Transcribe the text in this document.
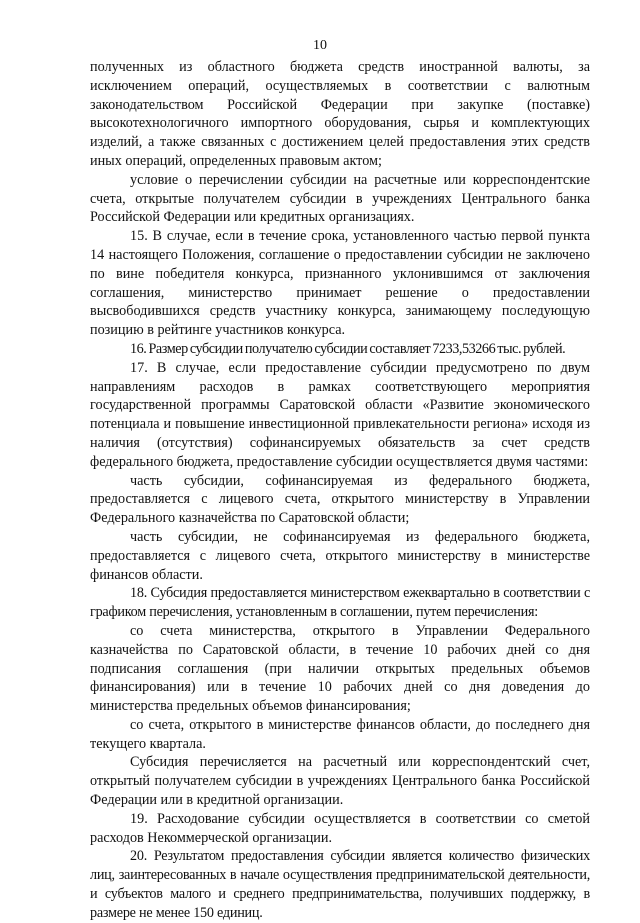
10

полученных из областного бюджета средств иностранной валюты, за исключением операций, осуществляемых в соответствии с валютным законодательством Российской Федерации при закупке (поставке) высокотехнологичного импортного оборудования, сырья и комплектующих изделий, а также связанных с достижением целей предоставления этих средств иных операций, определенных правовым актом;

условие о перечислении субсидии на расчетные или корреспондентские счета, открытые получателем субсидии в учреждениях Центрального банка Российской Федерации или кредитных организациях.

15. В случае, если в течение срока, установленного частью первой пункта 14 настоящего Положения, соглашение о предоставлении субсидии не заключено по вине победителя конкурса, признанного уклонившимся от заключения соглашения, министерство принимает решение о предоставлении высвободившихся средств участнику конкурса, занимающему последующую позицию в рейтинге участников конкурса.

16. Размер субсидии получателю субсидии составляет 7233,53266 тыс. рублей.

17. В случае, если предоставление субсидии предусмотрено по двум направлениям расходов в рамках соответствующего мероприятия государственной программы Саратовской области «Развитие экономического потенциала и повышение инвестиционной привлекательности региона» исходя из наличия (отсутствия) софинансируемых обязательств за счет средств федерального бюджета, предоставление субсидии осуществляется двумя частями:

часть субсидии, софинансируемая из федерального бюджета, предоставляется с лицевого счета, открытого министерству в Управлении Федерального казначейства по Саратовской области;

часть субсидии, не софинансируемая из федерального бюджета, предоставляется с лицевого счета, открытого министерству в министерстве финансов области.

18. Субсидия предоставляется министерством ежеквартально в соответствии с графиком перечисления, установленным в соглашении, путем перечисления:

со счета министерства, открытого в Управлении Федерального казначейства по Саратовской области, в течение 10 рабочих дней со дня подписания соглашения (при наличии открытых предельных объемов финансирования) или в течение 10 рабочих дней со дня доведения до министерства предельных объемов финансирования;

со счета, открытого в министерстве финансов области, до последнего дня текущего квартала.

Субсидия перечисляется на расчетный или корреспондентский счет, открытый получателем субсидии в учреждениях Центрального банка Российской Федерации или в кредитной организации.

19. Расходование субсидии осуществляется в соответствии со сметой расходов Некоммерческой организации.

20. Результатом предоставления субсидии является количество физических лиц, заинтересованных в начале осуществления предпринимательской деятельности, и субъектов малого и среднего предпринимательства, получивших поддержку, в размере не менее 150 единиц.
